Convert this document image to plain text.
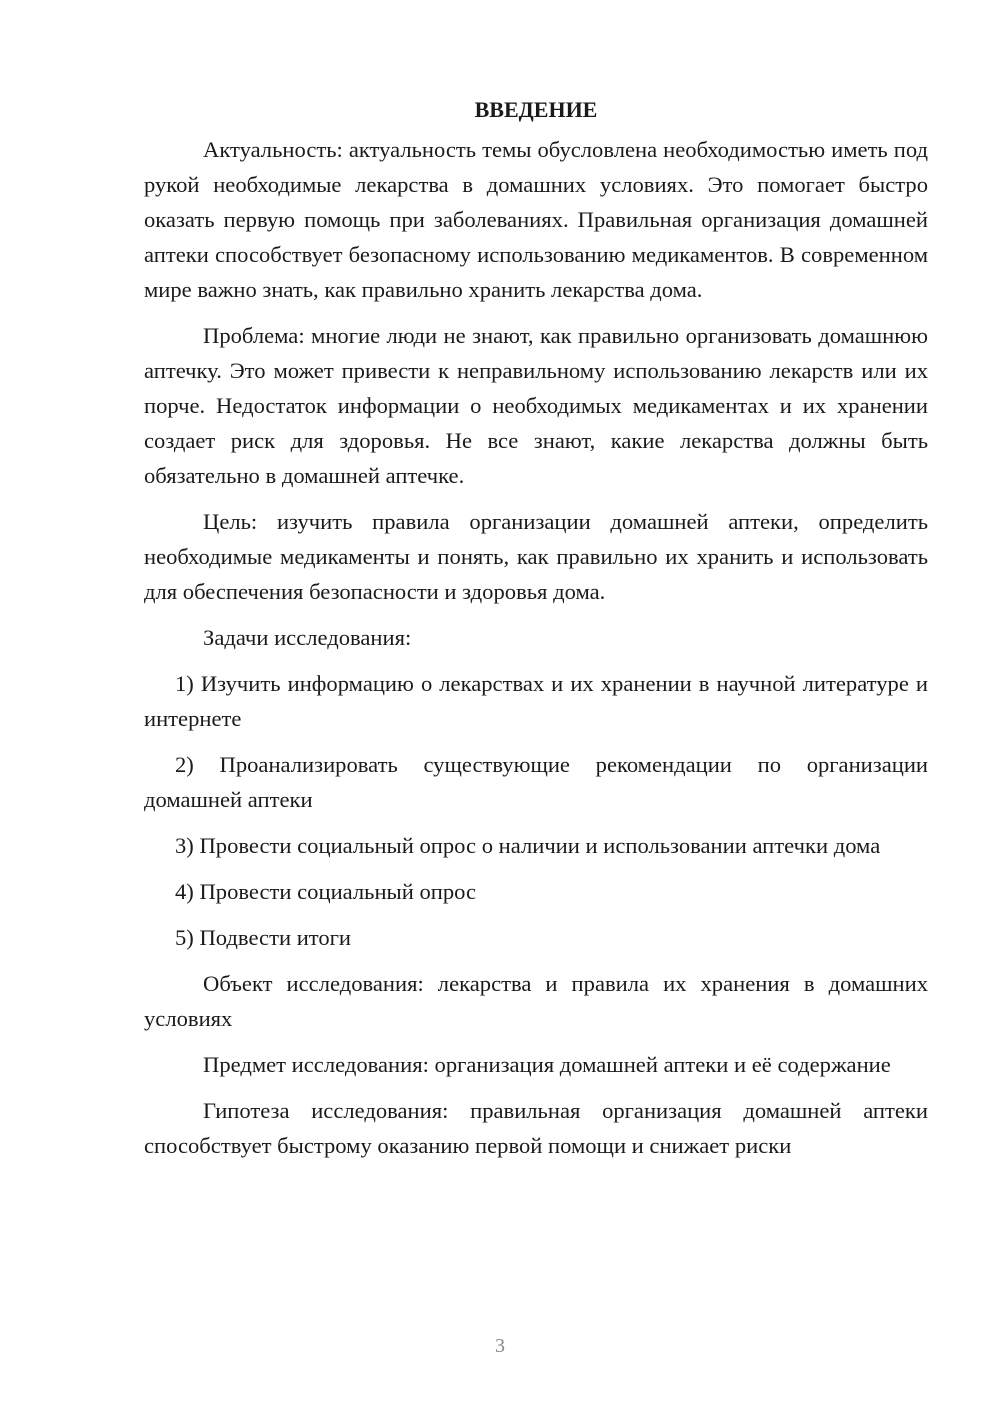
ВВЕДЕНИЕ

Актуальность: актуальность темы обусловлена необходимостью иметь под рукой необходимые лекарства в домашних условиях. Это помогает быстро оказать первую помощь при заболеваниях. Правильная организация домашней аптеки способствует безопасному использованию медикаментов. В современном мире важно знать, как правильно хранить лекарства дома.

Проблема: многие люди не знают, как правильно организовать домашнюю аптечку. Это может привести к неправильному использованию лекарств или их порче. Недостаток информации о необходимых медикаментах и их хранении создает риск для здоровья. Не все знают, какие лекарства должны быть обязательно в домашней аптечке.

Цель: изучить правила организации домашней аптеки, определить необходимые медикаменты и понять, как правильно их хранить и использовать для обеспечения безопасности и здоровья дома.

Задачи исследования:

1) Изучить информацию о лекарствах и их хранении в научной литературе и интернете

2) Проанализировать существующие рекомендации по организации домашней аптеки

3) Провести социальный опрос о наличии и использовании аптечки дома

4) Провести социальный опрос

5) Подвести итоги

Объект исследования: лекарства и правила их хранения в домашних условиях

Предмет исследования: организация домашней аптеки и её содержание

Гипотеза исследования: правильная организация домашней аптеки способствует быстрому оказанию первой помощи и снижает риски

3
